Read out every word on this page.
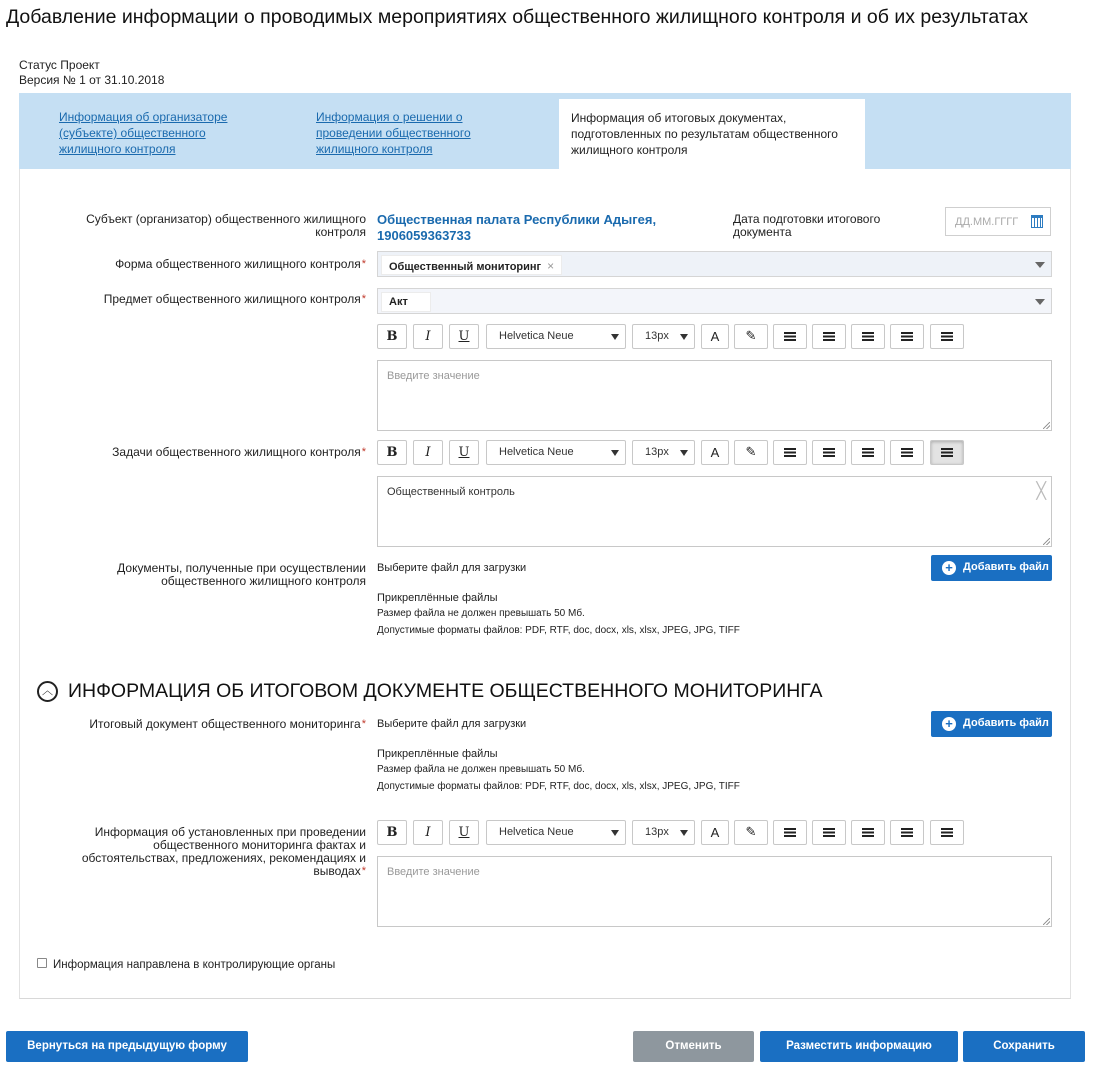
Добавление информации о проводимых мероприятиях общественного жилищного контроля и об их результатах
Статус Проект
Версия № 1 от 31.10.2018
Информация об организаторе (субъекте) общественного жилищного контроля
Информация о решении о проведении общественного жилищного контроля
Информация об итоговых документах, подготовленных по результатам общественного жилищного контроля
Субъект (организатор) общественного жилищного контроля
Общественная палата Республики Адыгея, 1906059363733
Дата подготовки итогового документа
ДД.ММ.ГГГГ
Форма общественного жилищного контроля*	Общественный мониторинг ×
Предмет общественного жилищного контроля*	Акт
B	I	U	Helvetica Neue	13px	A	✎
Введите значение
Задачи общественного жилищного контроля*	B	I	U	Helvetica Neue	13px	A	✎
Общественный контроль	╳
Документы, полученные при осуществлении общественного жилищного контроля
Выберите файл для загрузки	+ Добавить файл
Прикреплённые файлы
Размер файла не должен превышать 50 Мб.
Допустимые форматы файлов: PDF, RTF, doc, docx, xls, xlsx, JPEG, JPG, TIFF
︿ ИНФОРМАЦИЯ ОБ ИТОГОВОМ ДОКУМЕНТЕ ОБЩЕСТВЕННОГО МОНИТОРИНГА
Итоговый документ общественного мониторинга* Выберите файл для загрузки	+ Добавить файл
Прикреплённые файлы
Размер файла не должен превышать 50 Мб.
Допустимые форматы файлов: PDF, RTF, doc, docx, xls, xlsx, JPEG, JPG, TIFF
Информация об установленных при проведении общественного мониторинга фактах и обстоятельствах, предложениях, рекомендациях и выводах*
B	I	U	Helvetica Neue	13px	A	✎
Введите значение
Информация направлена в контролирующие органы
Вернуться на предыдущую форму	Отменить	Разместить информацию	Сохранить
